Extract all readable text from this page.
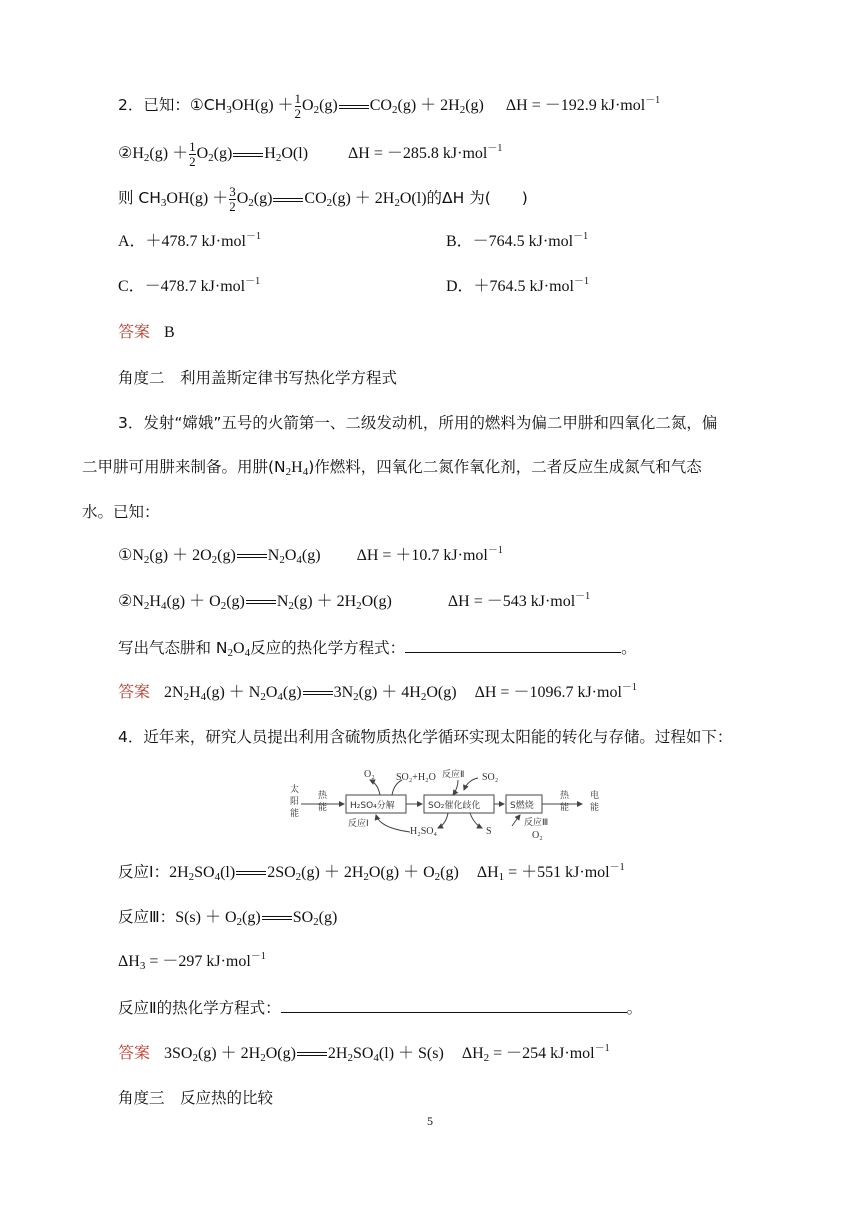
2．已知：$①CH_3OH(g) + \frac{1}{2} O_2(g) CO_2(g) + 2H_2(g) \Delta H = -192.9$ kJ·mol$^{-1}$
$②H_2(g) + \frac{1}{2} O_2(g)$ $H_2O(l)$	ΔH = －285.8 kJ·mol$^{-1}$
则 $CH_3OH(g) + \frac{3}{2} O_2(g) CO_2(g) + 2H_2O(l)$的ΔH 为(　　)
A．＋478.7 kJ·mol$^{-1}$	B．－764.5 kJ·mol$^{-1}$
C．－478.7 kJ·mol$^{-1}$	D．＋764.5 kJ·mol$^{-1}$
答案 B
角度二　利用盖斯定律书写热化学方程式
3．发射“嫦娥”五号的火箭第一、二级发动机，所用的燃料为偏二甲肼和四氧化二氮，偏
二甲肼可用肼来制备。用肼$(N_2H_4)$作燃料，四氧化二氮作氧化剂，二者反应生成氮气和气态
水。已知：
$①N_2(g) + 2O_2(g)$ $N_2O_4(g) \Delta H = +10.7$ kJ·mol$^{-1}$
$②N_2H_4(g) + O_2(g) N_2(g) + 2H_2O(g)$	ΔH = －543 kJ·mol$^{-1}$
写出气态肼和 $N_2O_4$反应的热化学方程式：	。
答案 $2N_2H_4(g) + N_2O_4(g) 3N_2(g) + 4H_2O(g) \Delta H = -1096.7$ kJ·mol$^{-1}$
4．近年来，研究人员提出利用含硫物质热化学循环实现太阳能的转化与存储。过程如下：
太阳能
热能	H₂SO₄分解	SO₂催化歧化	S燃烧
热能
电能
O₂ SO₂+H₂O 反应Ⅱ SO₂
反应Ⅰ
H₂SO₄	S
反应Ⅲ
O₂
反应Ⅰ：$2H_2SO_4(l) 2SO_2(g) + 2H_2O(g) + O_2(g) \Delta H_1 = +551$ kJ·mol$^{-1}$
反应Ⅲ：$S(s) + O_2(g)$ $SO_2(g)$
$\Delta H_3 = -297$ kJ·mol$^{-1}$
反应Ⅱ的热化学方程式：	。
答案 $3SO_2(g) + 2H_2O(g) 2H_2SO_4(l) + S(s) \Delta H_2 = -254$ kJ·mol$^{-1}$
角度三　反应热的比较
5
